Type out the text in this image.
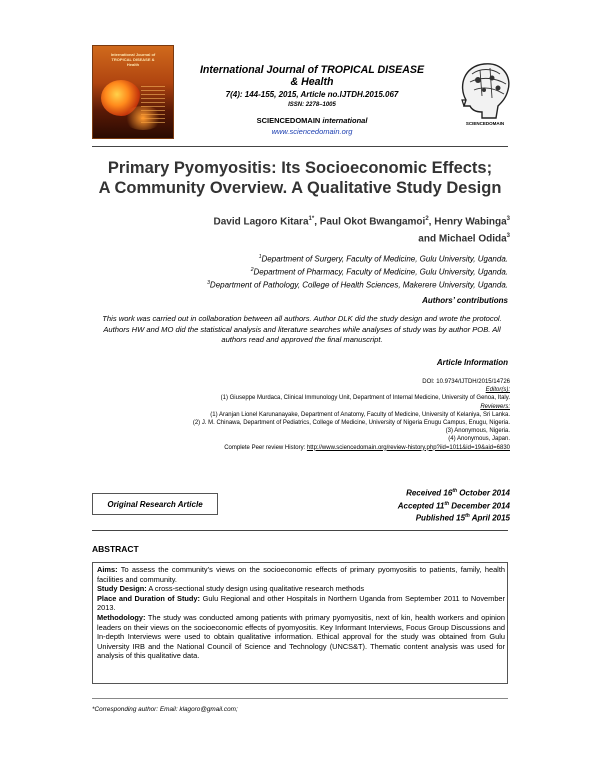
International Journal of
TROPICAL DISEASE &
Health	International Journal of TROPICAL DISEASE
& Health
7(4): 144-155, 2015, Article no.IJTDH.2015.067
ISSN: 2278–1005
SCIENCEDOMAIN international
www.sciencedomain.org
SCIENCEDOMAIN
Primary Pyomyositis: Its Socioeconomic Effects;
A Community Overview. A Qualitative Study Design
David Lagoro Kitara$^{1*}$, Paul Okot Bwangamoi$^2$, Henry Wabinga$^3$
and Michael Odida$^3$
$^1$Department of Surgery, Faculty of Medicine, Gulu University, Uganda.
$^2$Department of Pharmacy, Faculty of Medicine, Gulu University, Uganda.
$^3$Department of Pathology, College of Health Sciences, Makerere University, Uganda.
Authors’ contributions
This work was carried out in collaboration between all authors. Author DLK did the study design and wrote the protocol. Authors HW and MO did the statistical analysis and literature searches while analyses of study was by author POB. All authors read and approved the final manuscript.
Article Information
DOI: 10.9734/IJTDH/2015/14726
Editor(s):
(1) Giuseppe Murdaca, Clinical Immunology Unit, Department of Internal Medicine, University of Genoa, Italy.
Reviewers:
(1) Aranjan Lionel Karunanayake, Department of Anatomy, Faculty of Medicine, University of Kelaniya, Sri Lanka.
(2) J. M. Chinawa, Department of Pediatrics, College of Medicine, University of Nigeria Enugu Campus, Enugu, Nigeria.
(3) Anonymous, Nigeria.
(4) Anonymous, Japan.
Complete Peer review History: http://www.sciencedomain.org/review-history.php?iid=1011&id=19&aid=6830
Original Research Article
Received 16th October 2014
Accepted 11th December 2014
Published 15th April 2015
ABSTRACT

Aims: To assess the community’s views on the socioeconomic effects of primary pyomyositis to patients, family, health facilities and community.

Study Design: A cross-sectional study design using qualitative research methods

Place and Duration of Study: Gulu Regional and other Hospitals in Northern Uganda from September 2011 to November 2013.

Methodology: The study was conducted among patients with primary pyomyositis, next of kin, health workers and opinion leaders on their views on the socioeconomic effects of pyomyositis. Key Informant Interviews, Focus Group Discussions and In-depth Interviews were used to obtain qualitative information. Ethical approval for the study was obtained from Gulu University IRB and the National Council of Science and Technology (UNCS&T). Thematic content analysis was used for analysis of this qualitative data.

*Corresponding author: Email: klagoro@gmail.com;
